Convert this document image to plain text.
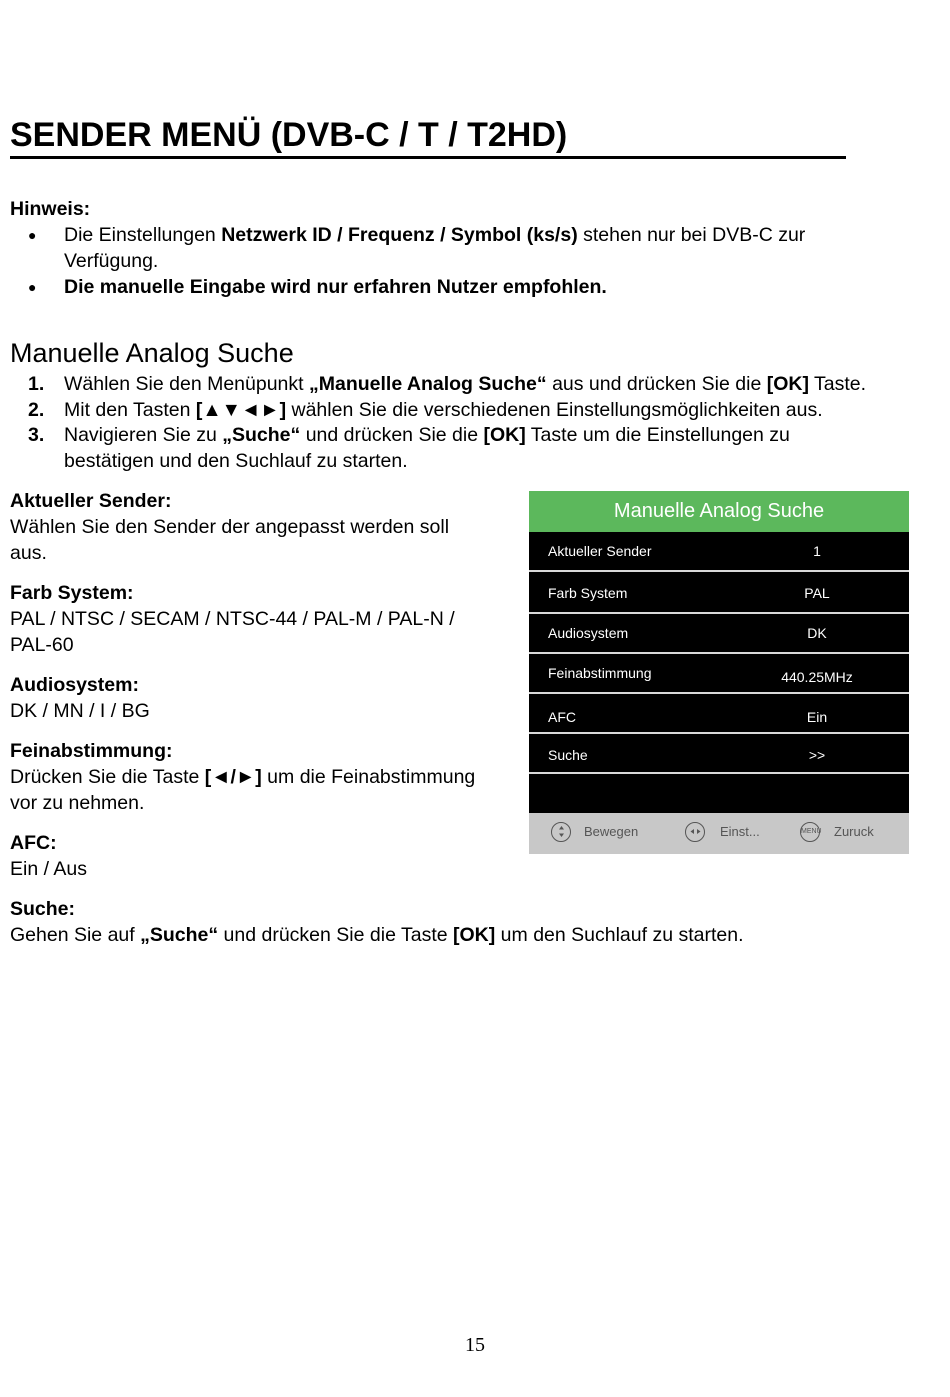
SENDER MENÜ (DVB-C / T / T2HD)
Hinweis:
● Die Einstellungen Netzwerk ID / Frequenz / Symbol (ks/s) stehen nur bei DVB-C zur
Verfügung.
● Die manuelle Eingabe wird nur erfahren Nutzer empfohlen.
Manuelle Analog Suche
1. Wählen Sie den Menüpunkt „Manuelle Analog Suche“ aus und drücken Sie die [OK] Taste.
2. Mit den Tasten [▲▼◄►] wählen Sie die verschiedenen Einstellungsmöglichkeiten aus.
3. Navigieren Sie zu „Suche“ und drücken Sie die [OK] Taste um die Einstellungen zu
bestätigen und den Suchlauf zu starten.
Aktueller Sender:
Wählen Sie den Sender der angepasst werden soll
aus.
Farb System:
PAL / NTSC / SECAM / NTSC-44 / PAL-M / PAL-N /
PAL-60
Audiosystem:
DK / MN / I / BG
Feinabstimmung:
Drücken Sie die Taste [◄/►] um die Feinabstimmung
vor zu nehmen.
AFC:
Ein / Aus
Suche:
Gehen Sie auf „Suche“ und drücken Sie die Taste [OK] um den Suchlauf zu starten.
Manuelle Analog Suche
Aktueller Sender	1
Farb System	PAL
Audiosystem	DK
Feinabstimmung	440.25MHz
AFC	Ein
Suche	>>
Bewegen	Einst...	MENU Zuruck
15
